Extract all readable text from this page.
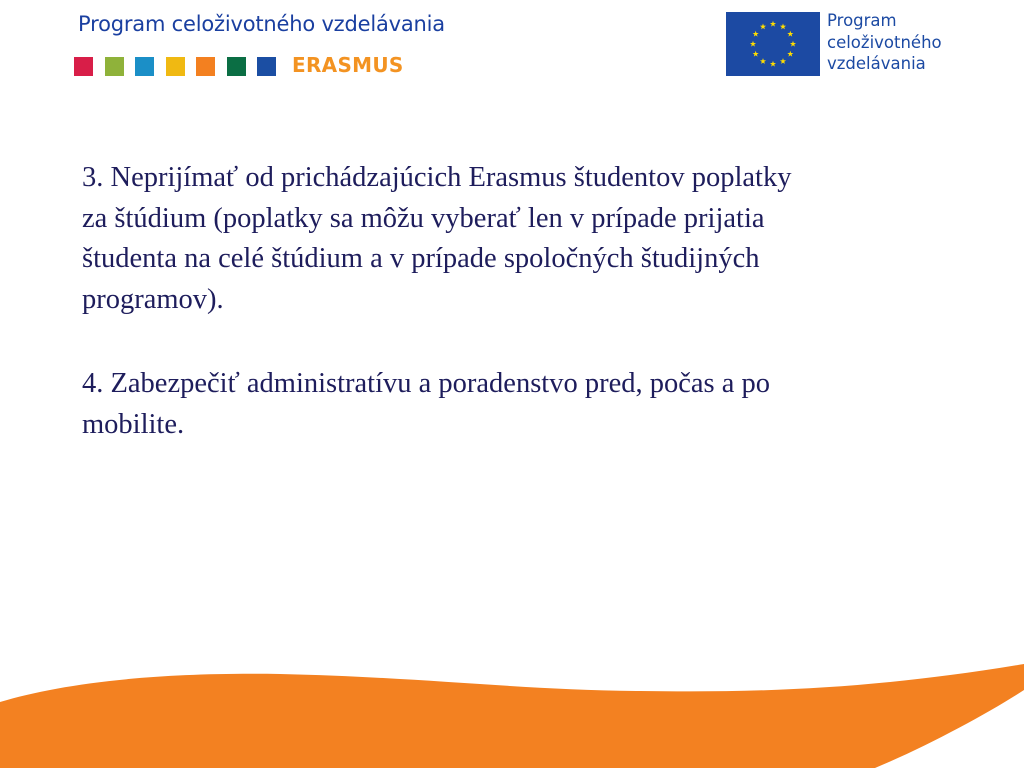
Program celoživotného vzdelávania
ERASMUS
Program
celoživotného
vzdelávania
3. Neprijímať od prichádzajúcich Erasmus študentov poplatky
za štúdium (poplatky sa môžu vyberať len v prípade prijatia
študenta na celé štúdium a v prípade spoločných študijných
programov).
4. Zabezpečiť administratívu a poradenstvo pred, počas a po
mobilite.
